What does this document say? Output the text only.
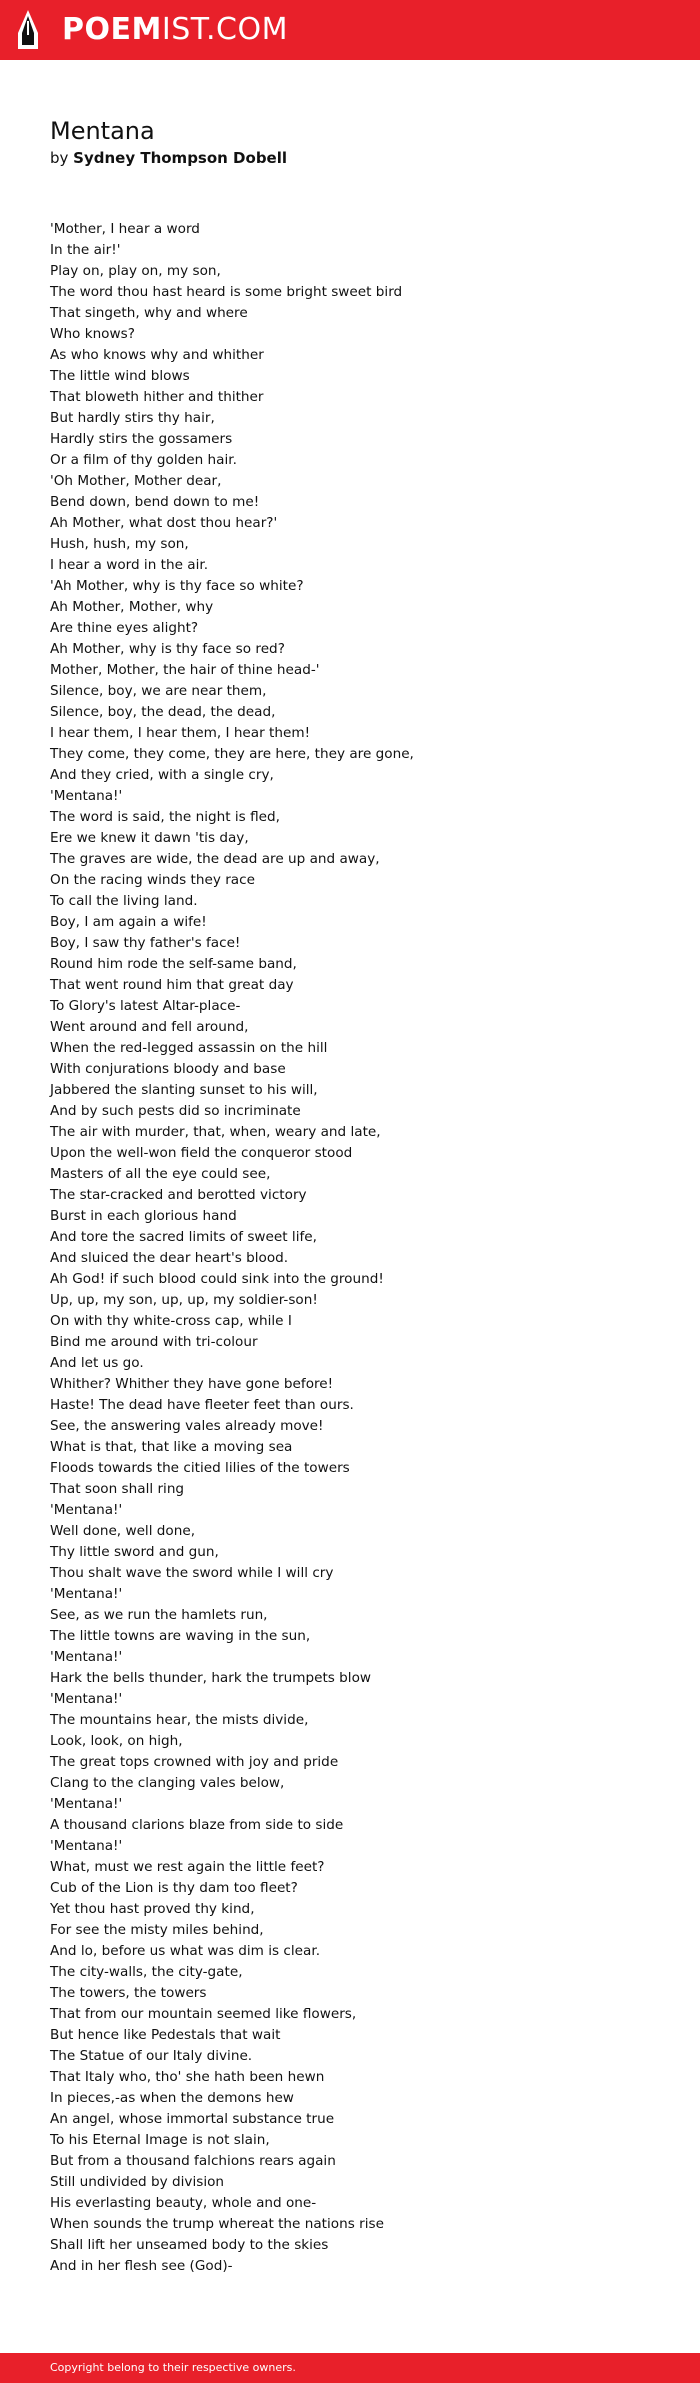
POEMIST.COM
Mentana
by Sydney Thompson Dobell
'Mother, I hear a word
In the air!'
Play on, play on, my son,
The word thou hast heard is some bright sweet bird
That singeth, why and where
Who knows?
As who knows why and whither
The little wind blows
That bloweth hither and thither
But hardly stirs thy hair,
Hardly stirs the gossamers
Or a film of thy golden hair.
'Oh Mother, Mother dear,
Bend down, bend down to me!
Ah Mother, what dost thou hear?'
Hush, hush, my son,
I hear a word in the air.
'Ah Mother, why is thy face so white?
Ah Mother, Mother, why
Are thine eyes alight?
Ah Mother, why is thy face so red?
Mother, Mother, the hair of thine head-'
Silence, boy, we are near them,
Silence, boy, the dead, the dead,
I hear them, I hear them, I hear them!
They come, they come, they are here, they are gone,
And they cried, with a single cry,
'Mentana!'
The word is said, the night is fled,
Ere we knew it dawn 'tis day,
The graves are wide, the dead are up and away,
On the racing winds they race
To call the living land.
Boy, I am again a wife!
Boy, I saw thy father's face!
Round him rode the self-same band,
That went round him that great day
To Glory's latest Altar-place-
Went around and fell around,
When the red-legged assassin on the hill
With conjurations bloody and base
Jabbered the slanting sunset to his will,
And by such pests did so incriminate
The air with murder, that, when, weary and late,
Upon the well-won field the conqueror stood
Masters of all the eye could see,
The star-cracked and berotted victory
Burst in each glorious hand
And tore the sacred limits of sweet life,
And sluiced the dear heart's blood.
Ah God! if such blood could sink into the ground!
Up, up, my son, up, up, my soldier-son!
On with thy white-cross cap, while I
Bind me around with tri-colour
And let us go.
Whither? Whither they have gone before!
Haste! The dead have fleeter feet than ours.
See, the answering vales already move!
What is that, that like a moving sea
Floods towards the citied lilies of the towers
That soon shall ring
'Mentana!'
Well done, well done,
Thy little sword and gun,
Thou shalt wave the sword while I will cry
'Mentana!'
See, as we run the hamlets run,
The little towns are waving in the sun,
'Mentana!'
Hark the bells thunder, hark the trumpets blow
'Mentana!'
The mountains hear, the mists divide,
Look, look, on high,
The great tops crowned with joy and pride
Clang to the clanging vales below,
'Mentana!'
A thousand clarions blaze from side to side
'Mentana!'
What, must we rest again the little feet?
Cub of the Lion is thy dam too fleet?
Yet thou hast proved thy kind,
For see the misty miles behind,
And lo, before us what was dim is clear.
The city-walls, the city-gate,
The towers, the towers
That from our mountain seemed like flowers,
But hence like Pedestals that wait
The Statue of our Italy divine.
That Italy who, tho' she hath been hewn
In pieces,-as when the demons hew
An angel, whose immortal substance true
To his Eternal Image is not slain,
But from a thousand falchions rears again
Still undivided by division
His everlasting beauty, whole and one-
When sounds the trump whereat the nations rise
Shall lift her unseamed body to the skies
And in her flesh see (God)-
Copyright belong to their respective owners.
